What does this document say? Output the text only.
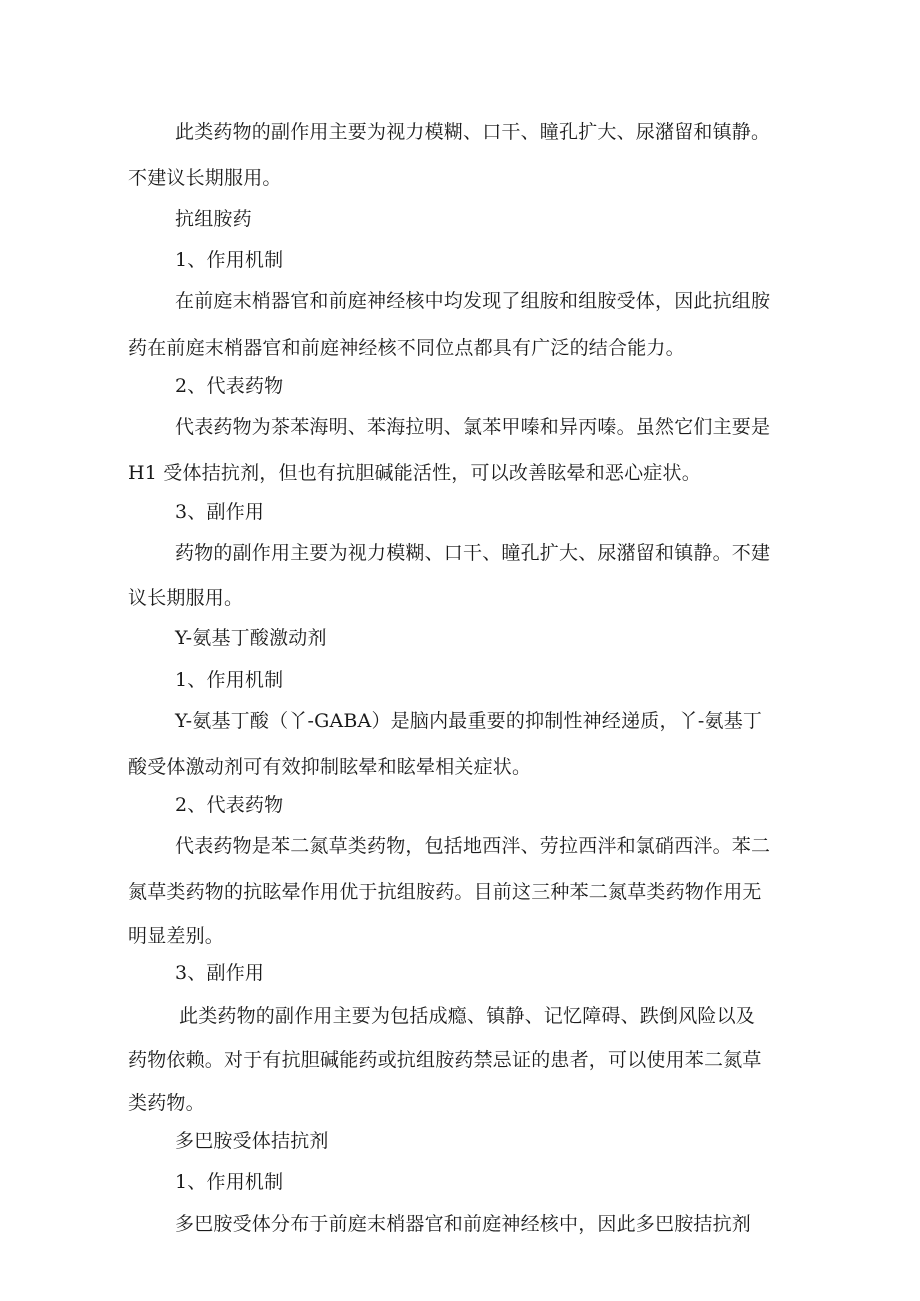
此类药物的副作用主要为视力模糊、口干、瞳孔扩大、尿潴留和镇静。

不建议长期服用。

抗组胺药

1、作用机制

在前庭末梢器官和前庭神经核中均发现了组胺和组胺受体，因此抗组胺

药在前庭末梢器官和前庭神经核不同位点都具有广泛的结合能力。

2、代表药物

代表药物为茶苯海明、苯海拉明、氯苯甲嗪和异丙嗪。虽然它们主要是

H1 受体拮抗剂，但也有抗胆碱能活性，可以改善眩晕和恶心症状。

3、副作用

药物的副作用主要为视力模糊、口干、瞳孔扩大、尿潴留和镇静。不建

议长期服用。

Y-氨基丁酸激动剂

1、作用机制

Y-氨基丁酸（丫-GABA）是脑内最重要的抑制性神经递质，丫-氨基丁

酸受体激动剂可有效抑制眩晕和眩晕相关症状。

2、代表药物

代表药物是苯二氮草类药物，包括地西泮、劳拉西泮和氯硝西泮。苯二

氮草类药物的抗眩晕作用优于抗组胺药。目前这三种苯二氮草类药物作用无

明显差别。

3、副作用

此类药物的副作用主要为包括成瘾、镇静、记忆障碍、跌倒风险以及

药物依赖。对于有抗胆碱能药或抗组胺药禁忌证的患者，可以使用苯二氮草

类药物。

多巴胺受体拮抗剂

1、作用机制

多巴胺受体分布于前庭末梢器官和前庭神经核中，因此多巴胺拮抗剂
